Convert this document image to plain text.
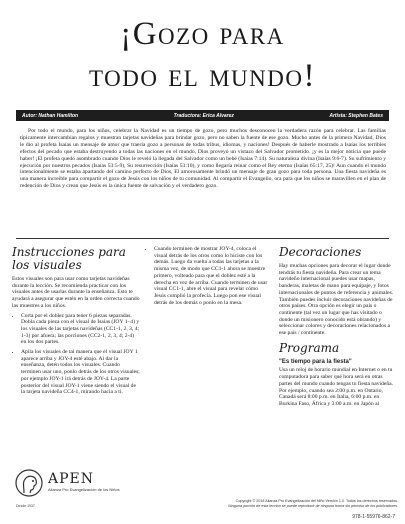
¡Gozo para
todo el mundo!
Autor: Nathan Hamilton	Traductora: Erica Alvarez	Artista: Stephen Bates

Por todo el mundo, para los niños, celebrar la Navidad es un tiempo de gozo, pero muchos desconocen la verdadera razón para celebrar. Las familias típicamente intercambian regalos y muestran tarjetas navideñas para brindar gozo, pero no saben la fuente de ese gozo. Mucho antes de la primera Navidad, Dios le dio al profeta Isaías un mensaje de amor que traería gozo a personas de todas tribus, idiomas, y naciones! Después de haberle mostrado a Isaías los terribles efectos del pecado que estaba destruyendo a todas las naciones en el mundo, Dios proveyó un vistazo del Salvador prometido. ¡y es la mejor noticia que puede haber! ¡El profeta quedó asombrado cuando Dios le reveló la llegada del Salvador como un bebé (Isaías 7:14). Su naturaleza divina (Isaías 9:6-7). Su sufrimiento y ejecución por nuestros pecados (Isaías 53:5-9), Su resurrección (Isaías 53:10), y como llegaría reinar como el Rey eterno (Isaías 65:17, 25)! Aun cuando el mundo intencionalmente se estaba apartando del camino perfecto de Dios, El amorosamente brindó un mensaje de gran gozo para toda persona. Una fiesta navideña es una manera increíble para compartir el gozo de Jesús con los niños de tu comunidad. Al compartir el Evangelio, ora para que los niños se maravillen en el plan de redención de Dios y crean que Jesús es la única fuente de salvación y el verdadero gozo.

Instrucciones para los visuales

Estos visuales son para usar como tarjetas navideñas durante la lección. Se recomienda practicar con los visuales antes de usarlas durante la enseñanza. Esto te ayudará a asegurar que estén en la orden correcta cuando las muestres a los niños.

• Corta por el doblez para tener 6 piezas separadas. Dobla cada pieza con el visual de Isaías (JOY 1–4) y los visuales de las tarjetas navideñas (CC1-1, 2, 3, 4; 1-3) por afuera; las porciones (CC2-1, 2, 3, 4; 2-4) en los dos partes.
• Apila los visuales de tal manera que el visual JOY 1 aparece arriba y JOY-4 esté abajo. Al dar la enseñanza, detén todos los visuales. Cuando terminen usar uno, ponlo detrás de los otros visuales; por ejemplo JOY-1 irá detrás de JOY-4. La parte posterior del visual JOY-1 viene siendo el visual de la tarjeta navideña CC4-1, mirando hacia a ti.
• Cuando terminen de mostrar JOY-4, coloca el visual detrás de los otros como lo hiciste con los demás. Luego da vuelta a todas las tarjetas a la misma vez, de modo que CC1-1 ahora se muestre primero, volteado para que el doblez esté a la derecha en vez de arriba. Cuando terminen de usar visual CC1-1, abre el visual para revelar cómo Jesús cumplió la profecía. Luego pon ese visual detrás de los demás o ponlo en la mesa.
Decoraciones

Hay muchas opciones para decorar el lugar donde tendrás tu fiesta navideña. Para crear un tema navideño internacional puedes usar mapas, banderas, maletas de mano para equipaje, y fotos internacionales de puntos de referencia y animales. También puedes incluir decoraciones navideñas de otros países. Otra opción es elegir un país o continente (tal vez un lugar que has visitado o donde un misionero conocido está obrando) y seleccionar colores y decoraciones relacionados a ese país / continente.

Programa
"Es tiempo para la fiesta"

Usa un reloj de horario mundial en Internet o en tu computadora para saber qué hora será en otras partes del mundo cuando tengas tu fiesta navideña. Por ejemplo, cuando sea 2:00 p.m. en Ontario, Canadá será 8:00 p.m. en Italia, 6:00 p.m. en Burkina Faso, África y 3:00 a.m. en Japón al

APEN
Alianza Pro Evangelización de los Niños
Desde 1937
Copyright © 2018 Alianza Pro Evangelización del Niño Versión 1.0. Todos los derechos reservados.
Ninguna porción de esta lección se puede reproducir de ninguna forma sin permiso de los publicadores.
978-1-55976-862-7
